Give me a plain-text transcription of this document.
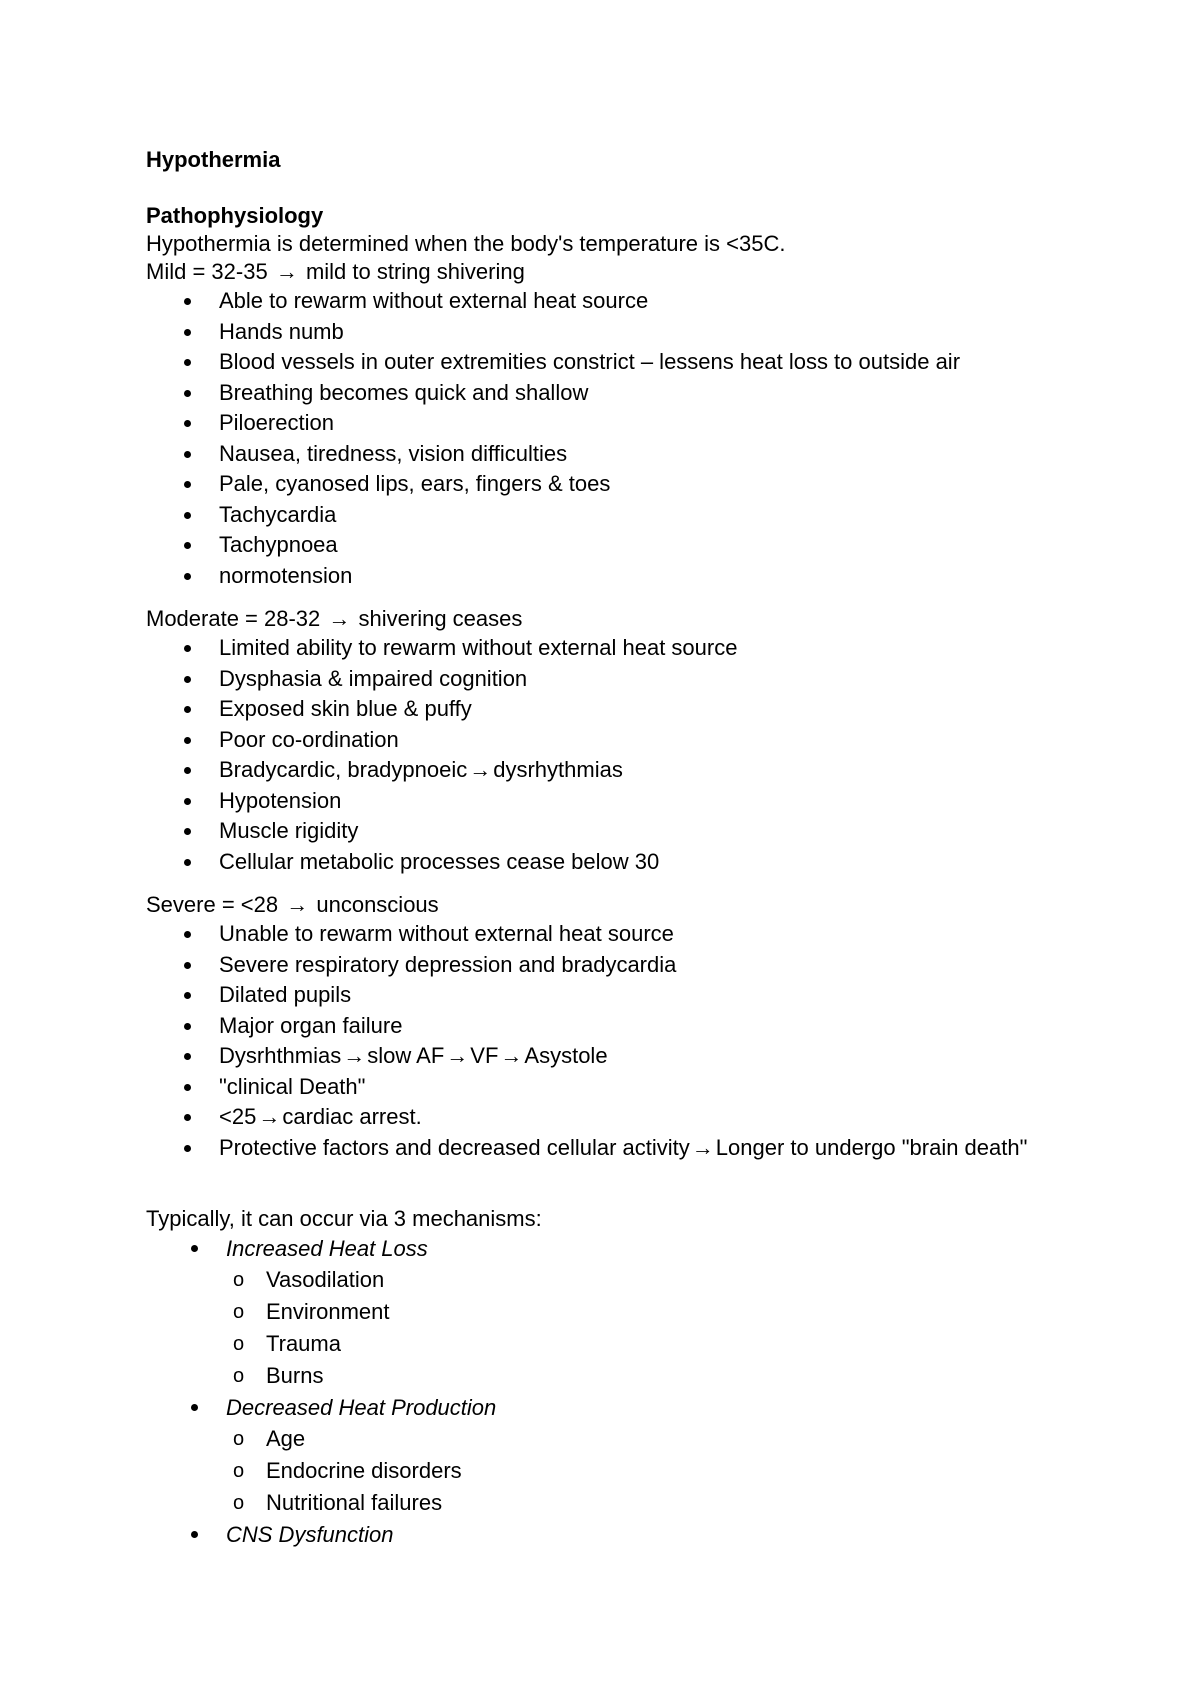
Hypothermia

Pathophysiology

Hypothermia is determined when the body's temperature is <35C.

Mild = 32-35 → mild to string shivering

Able to rewarm without external heat source
Hands numb
Blood vessels in outer extremities constrict – lessens heat loss to outside air
Breathing becomes quick and shallow
Piloerection
Nausea, tiredness, vision difficulties
Pale, cyanosed lips, ears, fingers & toes
Tachycardia
Tachypnoea
normotension

Moderate = 28-32 → shivering ceases

Limited ability to rewarm without external heat source
Dysphasia & impaired cognition
Exposed skin blue & puffy
Poor co-ordination
Bradycardic, bradypnoeic→dysrhythmias
Hypotension
Muscle rigidity
Cellular metabolic processes cease below 30

Severe = <28 → unconscious

Unable to rewarm without external heat source
Severe respiratory depression and bradycardia
Dilated pupils
Major organ failure
Dysrhthmias→slow AF→VF→Asystole
"clinical Death"
<25→cardiac arrest.
Protective factors and decreased cellular activity→Longer to undergo "brain death"

Typically, it can occur via 3 mechanisms:

Increased Heat Loss
o Vasodilation
o Environment
o Trauma
o Burns
Decreased Heat Production
o Age
o Endocrine disorders
o Nutritional failures
CNS Dysfunction
